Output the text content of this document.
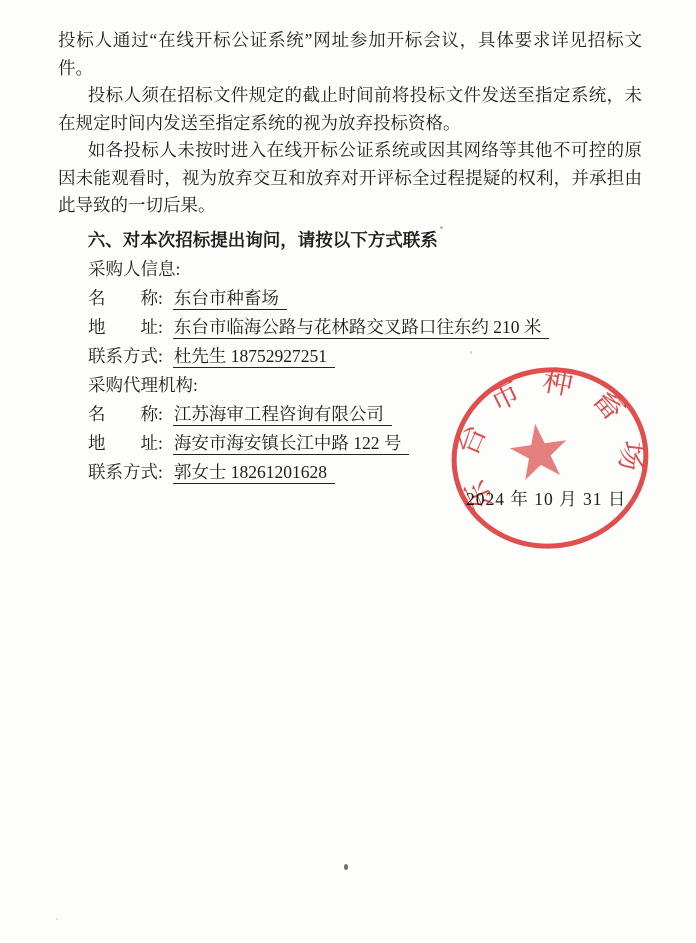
投标人通过“在线开标公证系统”网址参加开标会议，具体要求详见招标文件。

投标人须在招标文件规定的截止时间前将投标文件发送至指定系统，未在规定时间内发送至指定系统的视为放弃投标资格。

如各投标人未按时进入在线开标公证系统或因其网络等其他不可控的原因未能观看时，视为放弃交互和放弃对开评标全过程提疑的权利，并承担由此导致的一切后果。

六、对本次招标提出询问，请按以下方式联系
采购人信息:
名　　称: 东台市种畜场
地　　址: 东台市临海公路与花林路交叉路口往东约 210 米
联系方式: 杜先生 18752927251
采购代理机构:
名　　称: 江苏海审工程咨询有限公司
地　　址: 海安市海安镇长江中路 122 号
联系方式: 郭女士 18261201628
2024 年 10 月 31 日
东台市种畜场
